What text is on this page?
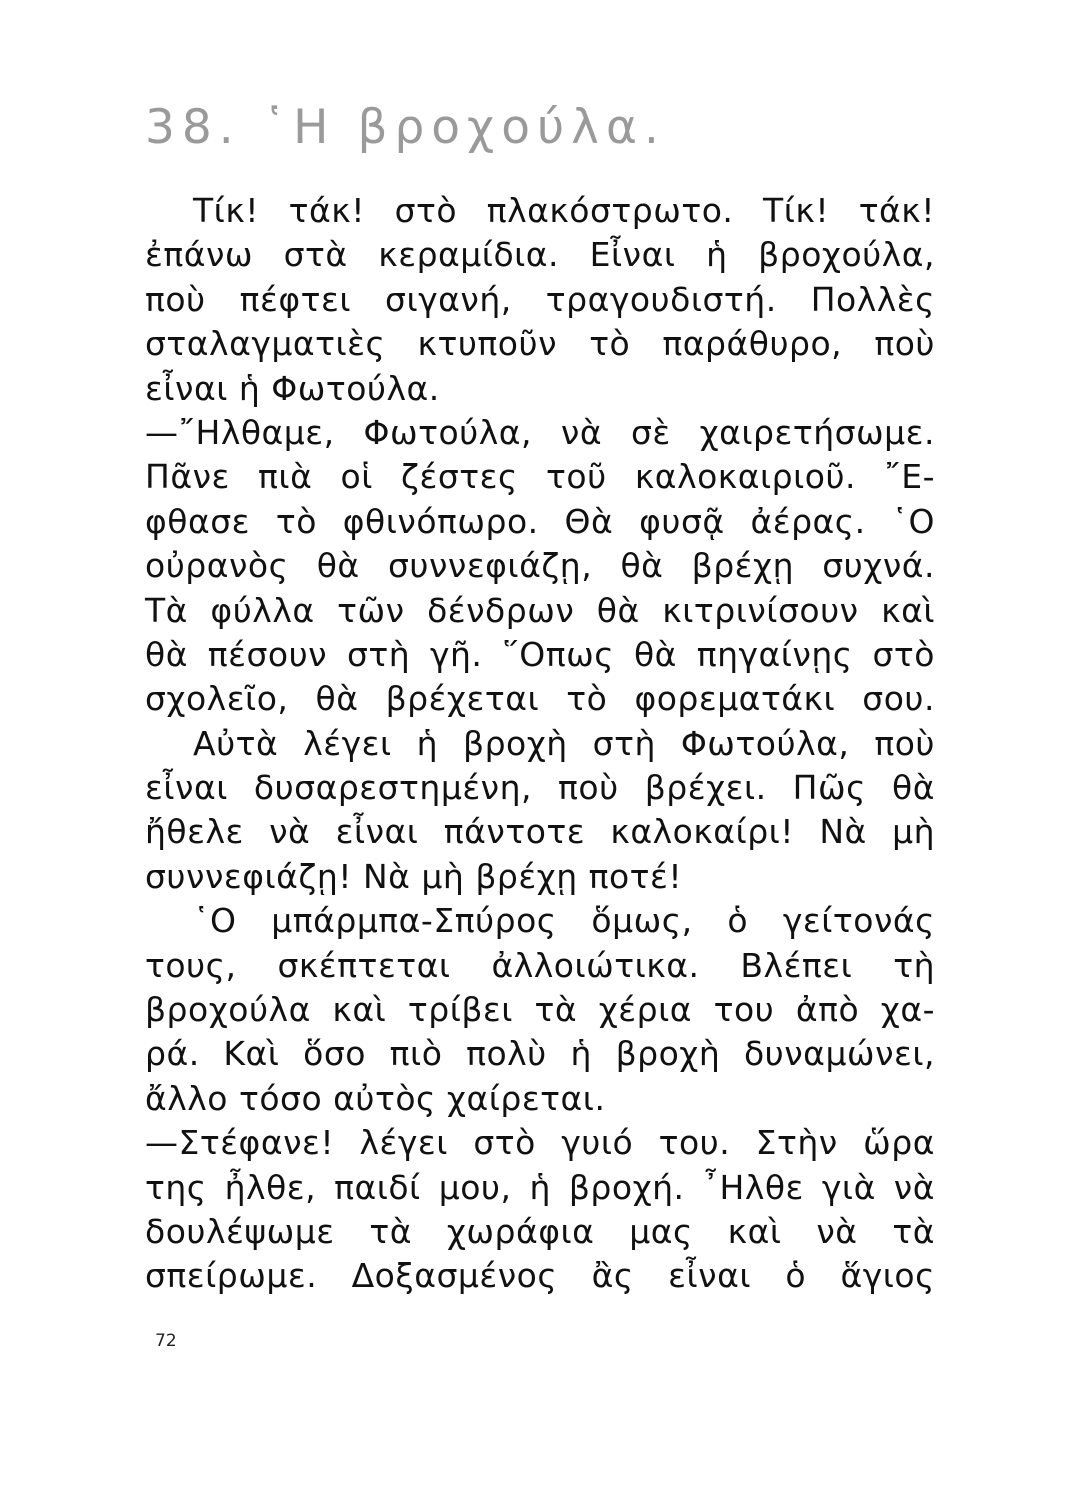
38. ῾Η βροχούλα.
Τίκ! τάκ! στὸ πλακόστρωτο. Τίκ! τάκ!
ἐπάνω στὰ κεραμίδια. Εἶναι ἡ βροχούλα,
ποὺ πέφτει σιγανή, τραγουδιστή. Πολλὲς
σταλαγματιὲς κτυποῦν τὸ παράθυρο, ποὺ
εἶναι ἡ Φωτούλα.
—῎Ηλθαμε, Φωτούλα, νὰ σὲ χαιρετήσωμε.
Πᾶνε πιὰ οἱ ζέστες τοῦ καλοκαιριοῦ. ῎Ε-
φθασε τὸ φθινόπωρο. Θὰ φυσᾷ ἀέρας. ῾Ο
οὐρανὸς θὰ συννεφιάζῃ, θὰ βρέχῃ συχνά.
Τὰ φύλλα τῶν δένδρων θὰ κιτρινίσουν καὶ
θὰ πέσουν στὴ γῆ. ῞Οπως θὰ πηγαίνῃς στὸ
σχολεῖο, θὰ βρέχεται τὸ φορεματάκι σου.
Αὐτὰ λέγει ἡ βροχὴ στὴ Φωτούλα, ποὺ
εἶναι δυσαρεστημένη, ποὺ βρέχει. Πῶς θὰ
ἤθελε νὰ εἶναι πάντοτε καλοκαίρι! Νὰ μὴ
συννεφιάζῃ! Νὰ μὴ βρέχῃ ποτέ!
῾Ο μπάρμπα-Σπύρος ὅμως, ὁ γείτονάς
τους, σκέπτεται ἀλλοιώτικα. Βλέπει τὴ
βροχούλα καὶ τρίβει τὰ χέρια του ἀπὸ χα-
ρά. Καὶ ὅσο πιὸ πολὺ ἡ βροχὴ δυναμώνει,
ἄλλο τόσο αὐτὸς χαίρεται.
—Στέφανε! λέγει στὸ γυιό του. Στὴν ὥρα
της ἦλθε, παιδί μου, ἡ βροχή. ῏Ηλθε γιὰ νὰ
δουλέψωμε τὰ χωράφια μας καὶ νὰ τὰ
σπείρωμε. Δοξασμένος ἂς εἶναι ὁ ἅγιος
72
